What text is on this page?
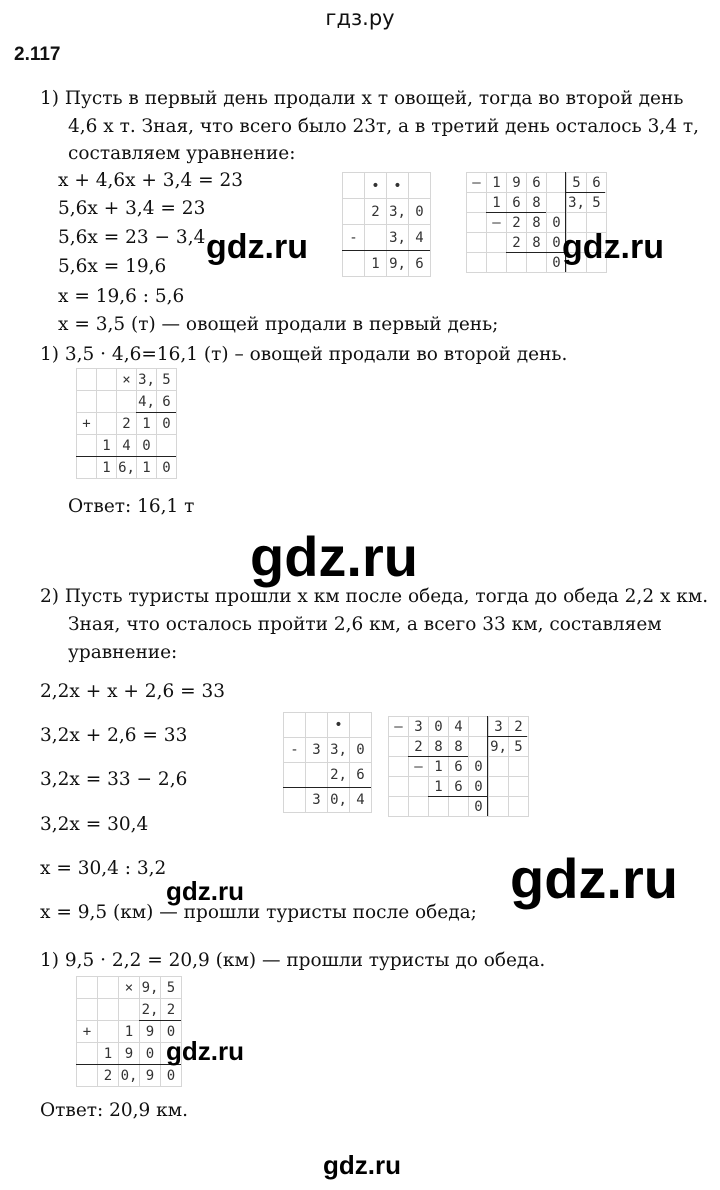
гдз.ру
2.117
1) Пусть в первый день продали x т овощей, тогда во второй день
4,6 x т. Зная, что всего было 23т, а в третий день осталось 3,4 т,
составляем уравнение:
x + 4,6x + 3,4 = 23
5,6x + 3,4 = 23
5,6x = 23 − 3,4
5,6x = 19,6
x = 19,6 : 5,6
x = 3,5 (т) — овощей продали в первый день;
1) 3,5 · 4,6=16,1 (т) – овощей продали во второй день.
Ответ: 16,1 т
• •
2 3, 0
-	3, 4
1 9, 6
– 1 9 6	5 6
1 6 8	3, 5
– 2 8 0
2 8 0
0
× 3, 5
4, 6
+	2 1 0
1 4 0
1 6, 1 0
2) Пусть туристы прошли x км после обеда, тогда до обеда 2,2 x км.
Зная, что осталось пройти 2,6 км, а всего 33 км, составляем
уравнение:
2,2x + x + 2,6 = 33
3,2x + 2,6 = 33
3,2x = 33 − 2,6
3,2x = 30,4
x = 30,4 : 3,2
x = 9,5 (км) — прошли туристы после обеда;
1) 9,5 · 2,2 = 20,9 (км) — прошли туристы до обеда.
Ответ: 20,9 км.
•
- 3 3, 0
2, 6
3 0, 4
– 3 0 4	3 2
2 8 8	9, 5
– 1 6 0
1 6 0
0
× 9, 5
2, 2
+	1 9 0
1 9 0
2 0, 9 0
gdz.ru	gdz.ru
gdz.ru
gdz.ru
gdz.ru
gdz.ru
gdz.ru
